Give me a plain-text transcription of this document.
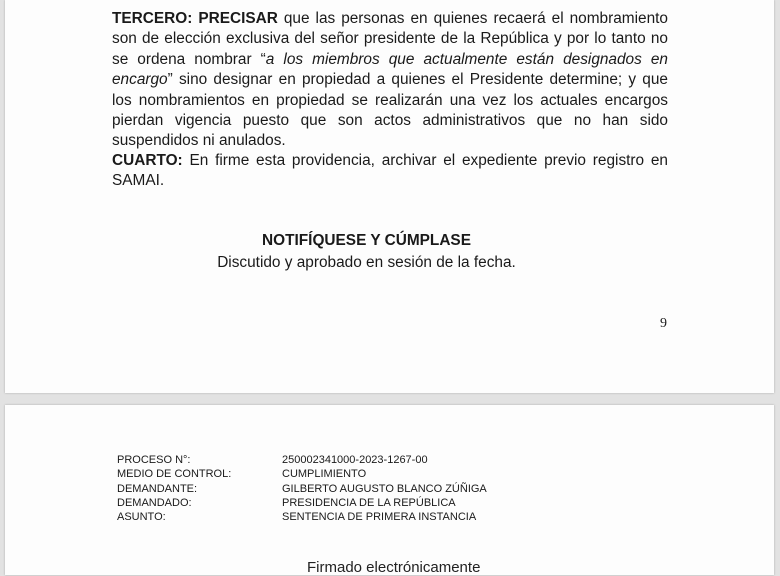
TERCERO: PRECISAR que las personas en quienes recaerá el nombramiento son de elección exclusiva del señor presidente de la República y por lo tanto no se ordena nombrar “a los miembros que actualmente están designados en encargo” sino designar en propiedad a quienes el Presidente determine; y que los nombramientos en propiedad se realizarán una vez los actuales encargos pierdan vigencia puesto que son actos administrativos que no han sido suspendidos ni anulados.

CUARTO: En firme esta providencia, archivar el expediente previo registro en SAMAI.

NOTIFÍQUESE Y CÚMPLASE
Discutido y aprobado en sesión de la fecha.
9
PROCESO N°:
MEDIO DE CONTROL:
DEMANDANTE:
DEMANDADO:
ASUNTO:
250002341000-2023-1267-00
CUMPLIMIENTO
GILBERTO AUGUSTO BLANCO ZÚÑIGA
PRESIDENCIA DE LA REPÚBLICA
SENTENCIA DE PRIMERA INSTANCIA
Firmado electrónicamente
